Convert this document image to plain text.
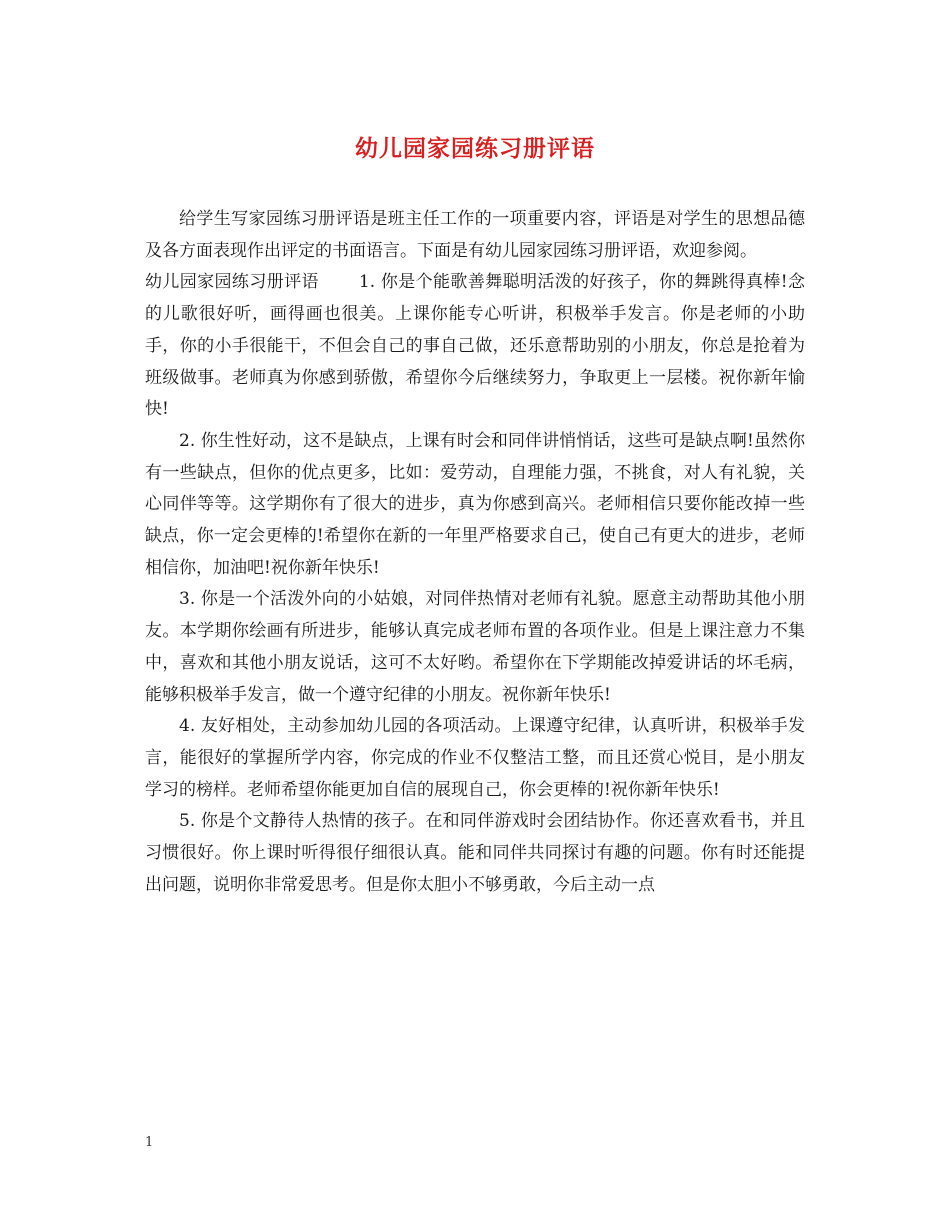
幼儿园家园练习册评语

给学生写家园练习册评语是班主任工作的一项重要内容，评语是对学生的思想品德及各方面表现作出评定的书面语言。下面是有幼儿园家园练习册评语，欢迎参阅。

幼儿园家园练习册评语 1. 你是个能歌善舞聪明活泼的好孩子，你的舞跳得真棒!念的儿歌很好听，画得画也很美。上课你能专心听讲，积极举手发言。你是老师的小助手，你的小手很能干，不但会自己的事自己做，还乐意帮助别的小朋友，你总是抢着为班级做事。老师真为你感到骄傲，希望你今后继续努力，争取更上一层楼。祝你新年愉快!

2. 你生性好动，这不是缺点，上课有时会和同伴讲悄悄话，这些可是缺点啊!虽然你有一些缺点，但你的优点更多，比如：爱劳动，自理能力强，不挑食，对人有礼貌，关心同伴等等。这学期你有了很大的进步，真为你感到高兴。老师相信只要你能改掉一些缺点，你一定会更棒的!希望你在新的一年里严格要求自己，使自己有更大的进步，老师相信你，加油吧!祝你新年快乐!

3. 你是一个活泼外向的小姑娘，对同伴热情对老师有礼貌。愿意主动帮助其他小朋友。本学期你绘画有所进步，能够认真完成老师布置的各项作业。但是上课注意力不集中，喜欢和其他小朋友说话，这可不太好哟。希望你在下学期能改掉爱讲话的坏毛病，能够积极举手发言，做一个遵守纪律的小朋友。祝你新年快乐!

4. 友好相处，主动参加幼儿园的各项活动。上课遵守纪律，认真听讲，积极举手发言，能很好的掌握所学内容，你完成的作业不仅整洁工整，而且还赏心悦目，是小朋友学习的榜样。老师希望你能更加自信的展现自己，你会更棒的!祝你新年快乐!

5. 你是个文静待人热情的孩子。在和同伴游戏时会团结协作。你还喜欢看书，并且习惯很好。你上课时听得很仔细很认真。能和同伴共同探讨有趣的问题。你有时还能提出问题，说明你非常爱思考。但是你太胆小不够勇敢，今后主动一点

1
